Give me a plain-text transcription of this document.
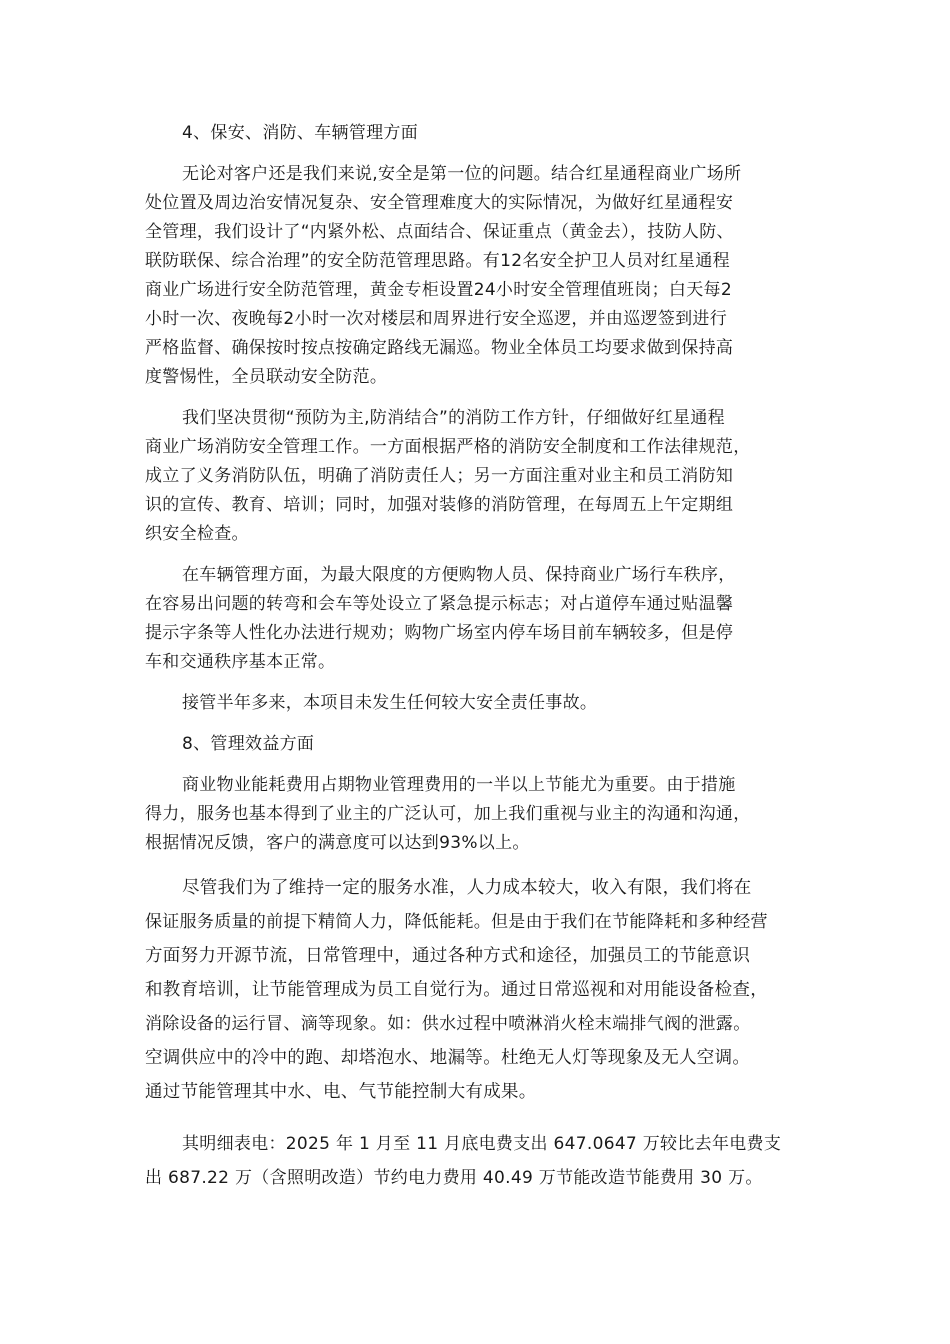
4、保安、消防、车辆管理方面
无论对客户还是我们来说,安全是第一位的问题。结合红星通程商业广场所
处位置及周边治安情况复杂、安全管理难度大的实际情况，为做好红星通程安
全管理，我们设计了“内紧外松、点面结合、保证重点（黄金去），技防人防、
联防联保、综合治理”的安全防范管理思路。有12名安全护卫人员对红星通程
商业广场进行安全防范管理，黄金专柜设置24小时安全管理值班岗；白天每2
小时一次、夜晚每2小时一次对楼层和周界进行安全巡逻，并由巡逻签到进行
严格监督、确保按时按点按确定路线无漏巡。物业全体员工均要求做到保持高
度警惕性，全员联动安全防范。
我们坚决贯彻“预防为主,防消结合”的消防工作方针，仔细做好红星通程
商业广场消防安全管理工作。一方面根据严格的消防安全制度和工作法律规范，
成立了义务消防队伍，明确了消防责任人；另一方面注重对业主和员工消防知
识的宣传、教育、培训；同时，加强对装修的消防管理，在每周五上午定期组
织安全检查。
在车辆管理方面，为最大限度的方便购物人员、保持商业广场行车秩序，
在容易出问题的转弯和会车等处设立了紧急提示标志；对占道停车通过贴温馨
提示字条等人性化办法进行规劝；购物广场室内停车场目前车辆较多，但是停
车和交通秩序基本正常。
接管半年多来，本项目未发生任何较大安全责任事故。
8、管理效益方面
商业物业能耗费用占期物业管理费用的一半以上节能尤为重要。由于措施
得力，服务也基本得到了业主的广泛认可，加上我们重视与业主的沟通和沟通，
根据情况反馈，客户的满意度可以达到93%以上。
尽管我们为了维持一定的服务水准，人力成本较大，收入有限，我们将在
保证服务质量的前提下精简人力，降低能耗。但是由于我们在节能降耗和多种经营
方面努力开源节流，日常管理中，通过各种方式和途径，加强员工的节能意识
和教育培训，让节能管理成为员工自觉行为。通过日常巡视和对用能设备检查，
消除设备的运行冒、滴等现象。如：供水过程中喷淋消火栓末端排气阀的泄露。
空调供应中的冷中的跑、却塔泡水、地漏等。杜绝无人灯等现象及无人空调。
通过节能管理其中水、电、气节能控制大有成果。
其明细表电：2025 年 1 月至 11 月底电费支出 647.0647 万较比去年电费支
出 687.22 万（含照明改造）节约电力费用 40.49 万节能改造节能费用 30 万。
